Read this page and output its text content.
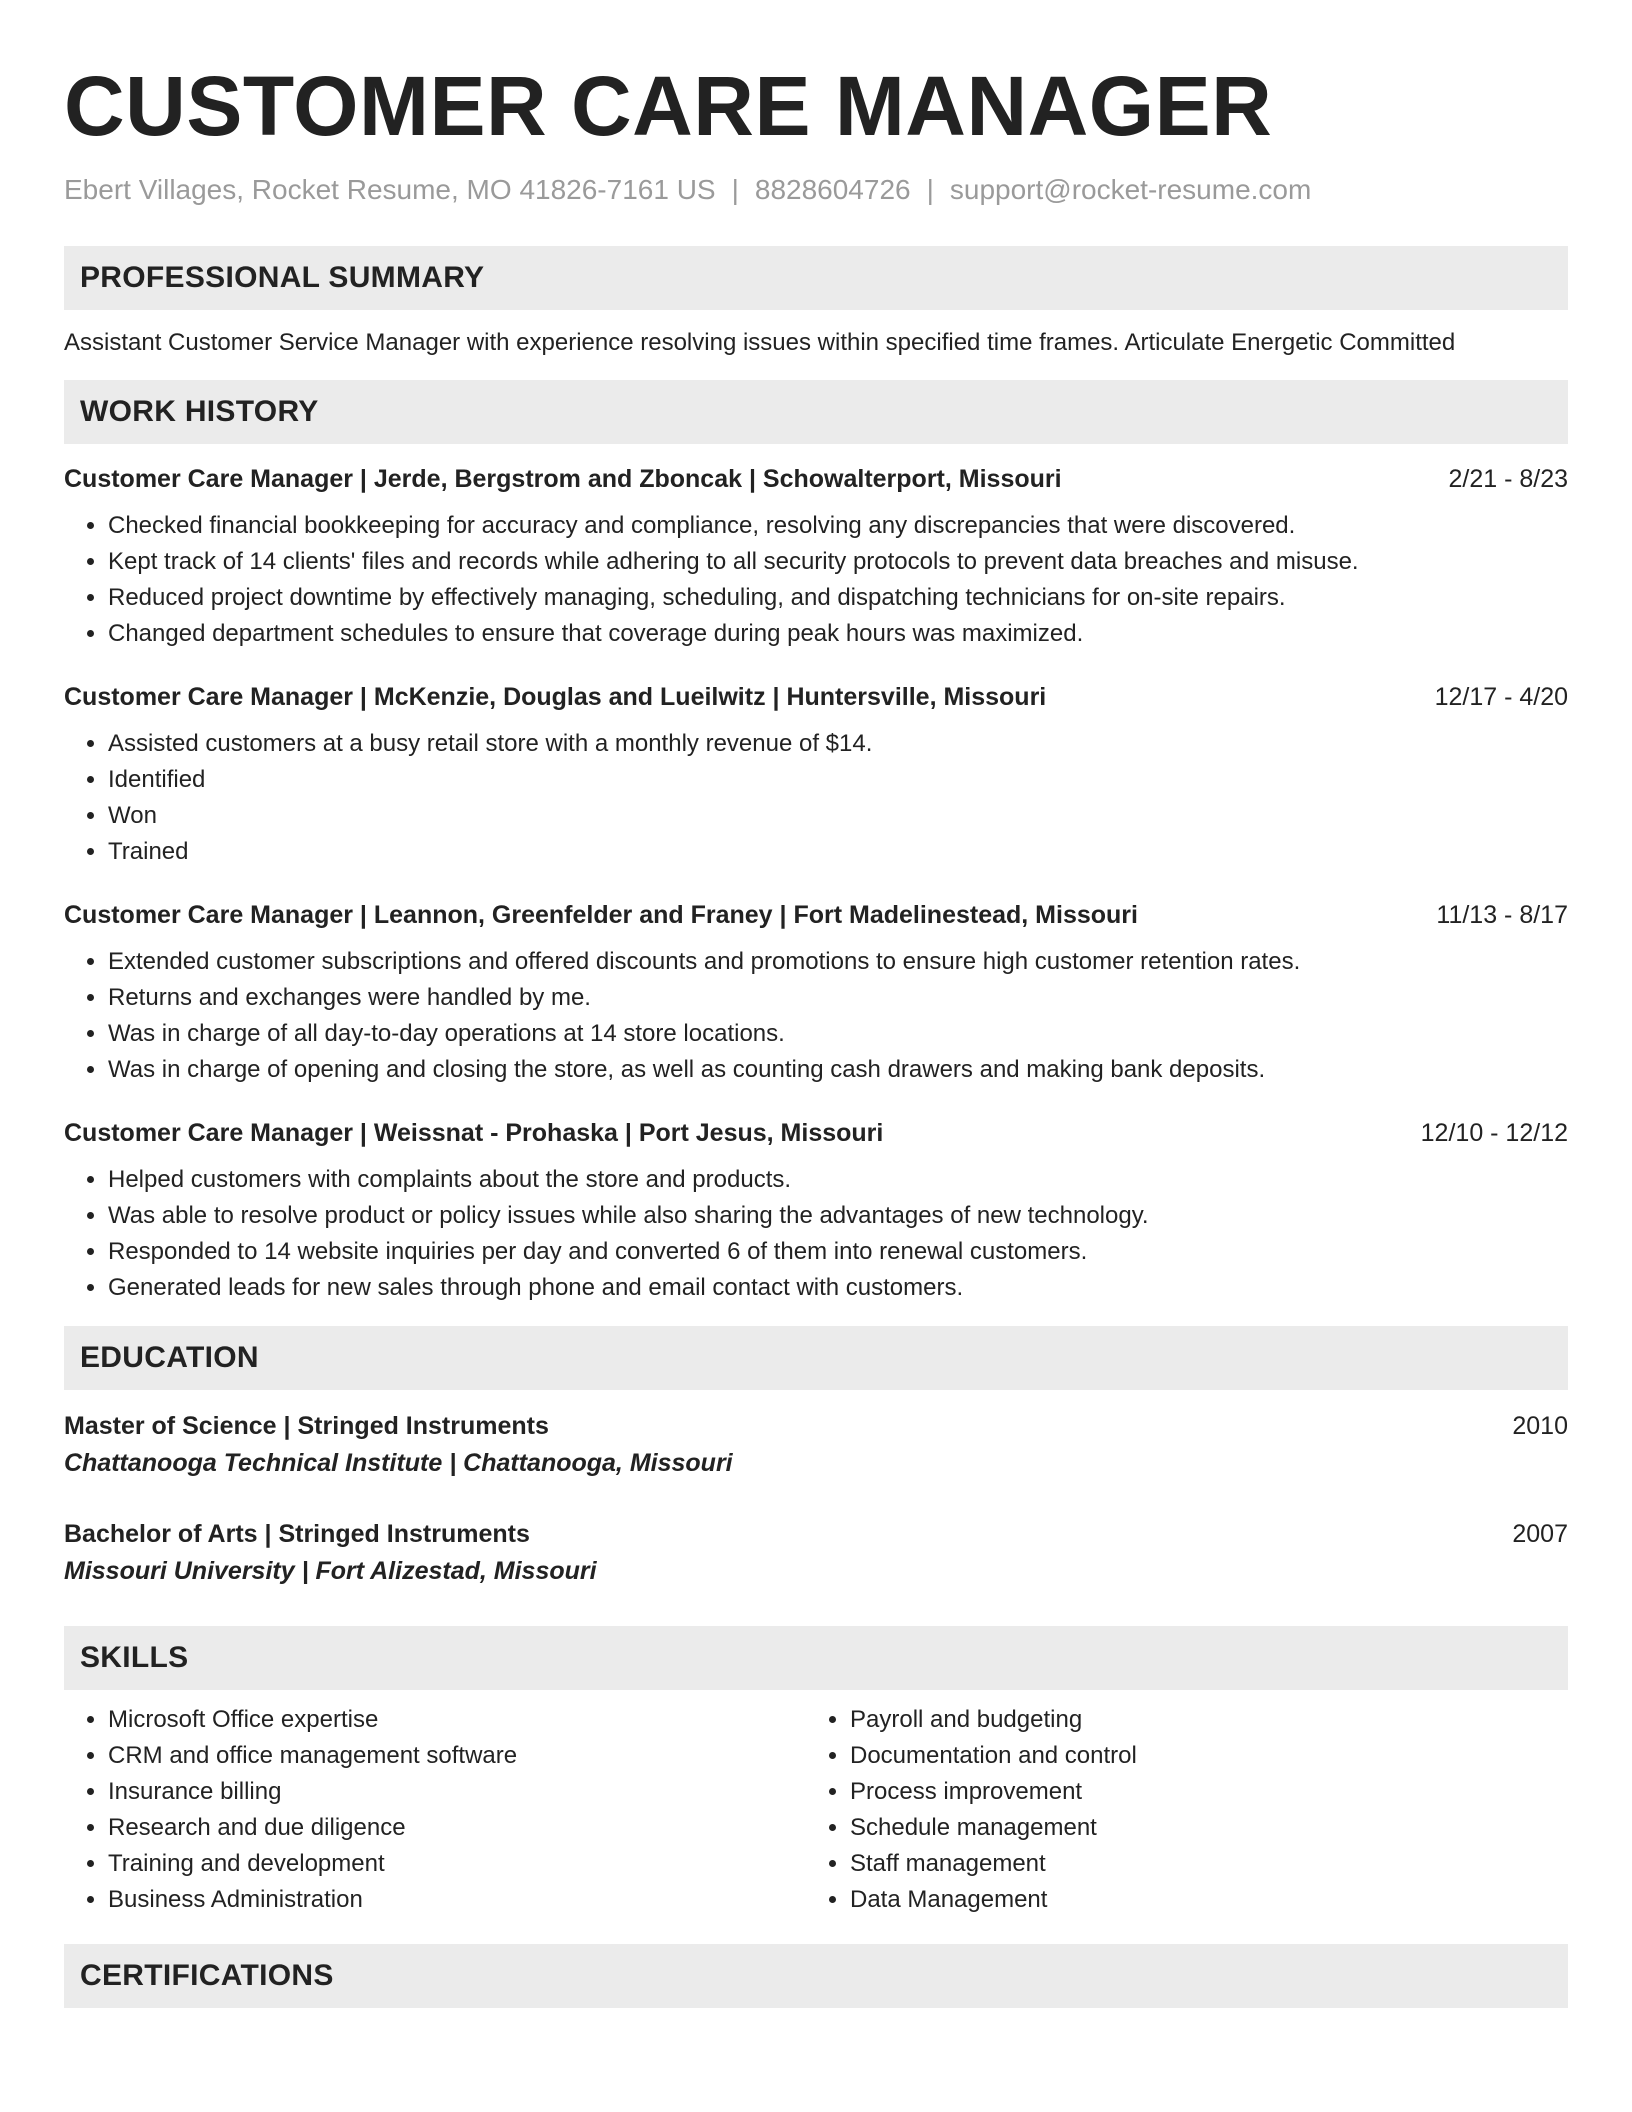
CUSTOMER CARE MANAGER
Ebert Villages, Rocket Resume, MO 41826-7161 US | 8828604726 | support@rocket-resume.com
PROFESSIONAL SUMMARY
Assistant Customer Service Manager with experience resolving issues within specified time frames. Articulate Energetic Committed
WORK HISTORY
Customer Care Manager | Jerde, Bergstrom and Zboncak | Schowalterport, Missouri	2/21 - 8/23
• Checked financial bookkeeping for accuracy and compliance, resolving any discrepancies that were discovered.
• Kept track of 14 clients' files and records while adhering to all security protocols to prevent data breaches and misuse.
• Reduced project downtime by effectively managing, scheduling, and dispatching technicians for on-site repairs.
• Changed department schedules to ensure that coverage during peak hours was maximized.
Customer Care Manager | McKenzie, Douglas and Lueilwitz | Huntersville, Missouri	12/17 - 4/20
• Assisted customers at a busy retail store with a monthly revenue of $14.
• Identified
• Won
• Trained
Customer Care Manager | Leannon, Greenfelder and Franey | Fort Madelinestead, Missouri	11/13 - 8/17
• Extended customer subscriptions and offered discounts and promotions to ensure high customer retention rates.
• Returns and exchanges were handled by me.
• Was in charge of all day-to-day operations at 14 store locations.
• Was in charge of opening and closing the store, as well as counting cash drawers and making bank deposits.
Customer Care Manager | Weissnat - Prohaska | Port Jesus, Missouri	12/10 - 12/12
• Helped customers with complaints about the store and products.
• Was able to resolve product or policy issues while also sharing the advantages of new technology.
• Responded to 14 website inquiries per day and converted 6 of them into renewal customers.
• Generated leads for new sales through phone and email contact with customers.
EDUCATION
Master of Science | Stringed Instruments	2010
Chattanooga Technical Institute | Chattanooga, Missouri
Bachelor of Arts | Stringed Instruments	2007
Missouri University | Fort Alizestad, Missouri
SKILLS
• Microsoft Office expertise
• CRM and office management software
• Insurance billing
• Research and due diligence
• Training and development
• Business Administration
• Payroll and budgeting
• Documentation and control
• Process improvement
• Schedule management
• Staff management
• Data Management
CERTIFICATIONS
